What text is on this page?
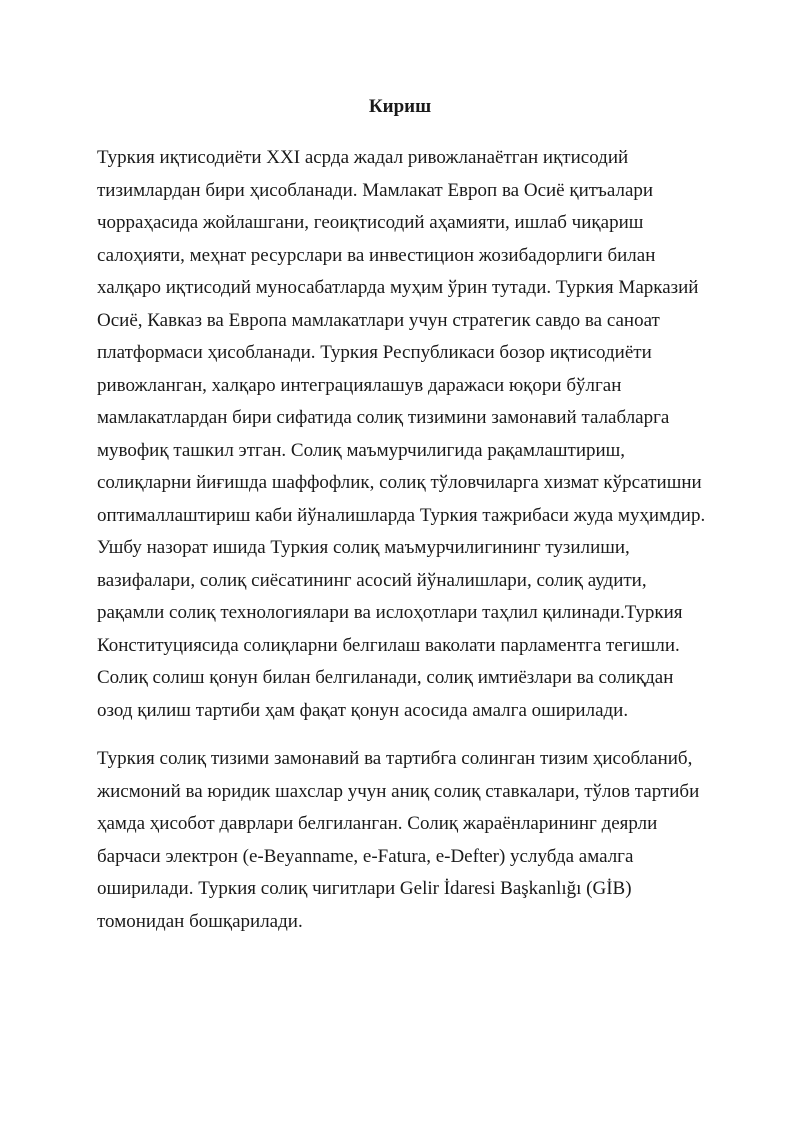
Кириш

Туркия иқтисодиёти XXI асрда жадал ривожланаётган иқтисодий
тизимлардан бири ҳисобланади. Мамлакат Европ ва Осиё қитъалари
чорраҳасида жойлашгани, геоиқтисодий аҳамияти, ишлаб чиқариш
салоҳияти, меҳнат ресурслари ва инвестицион жозибадорлиги билан
халқаро иқтисодий муносабатларда муҳим ўрин тутади. Туркия Марказий
Осиё, Кавказ ва Европа мамлакатлари учун стратегик савдо ва саноат
платформаси ҳисобланади. Туркия Республикаси бозор иқтисодиёти
ривожланган, халқаро интеграциялашув даражаси юқори бўлган
мамлакатлардан бири сифатида солиқ тизимини замонавий талабларга
мувофиқ ташкил этган. Солиқ маъмурчилигида рақамлаштириш,
солиқларни йиғишда шаффофлик, солиқ тўловчиларга хизмат кўрсатишни
оптималлаштириш каби йўналишларда Туркия тажрибаси жуда муҳимдир.
Ушбу назорат ишида Туркия солиқ маъмурчилигининг тузилиши,
вазифалари, солиқ сиёсатининг асосий йўналишлари, солиқ аудити,
рақамли солиқ технологиялари ва ислоҳотлари таҳлил қилинади.Туркия
Конституциясида солиқларни белгилаш ваколати парламентга тегишли.
Солиқ солиш қонун билан белгиланади, солиқ имтиёзлари ва солиқдан
озод қилиш тартиби ҳам фақат қонун асосида амалга оширилади.

Туркия солиқ тизими замонавий ва тартибга солинган тизим ҳисобланиб,
жисмоний ва юридик шахслар учун аниқ солиқ ставкалари, тўлов тартиби
ҳамда ҳисобот даврлари белгиланган. Солиқ жараёнларининг деярли
барчаси электрон (e-Beyanname, e-Fatura, e-Defter) услубда амалга
оширилади. Туркия солиқ чигитлари Gelir İdaresi Başkanlığı (GİB)
томонидан бошқарилади.
